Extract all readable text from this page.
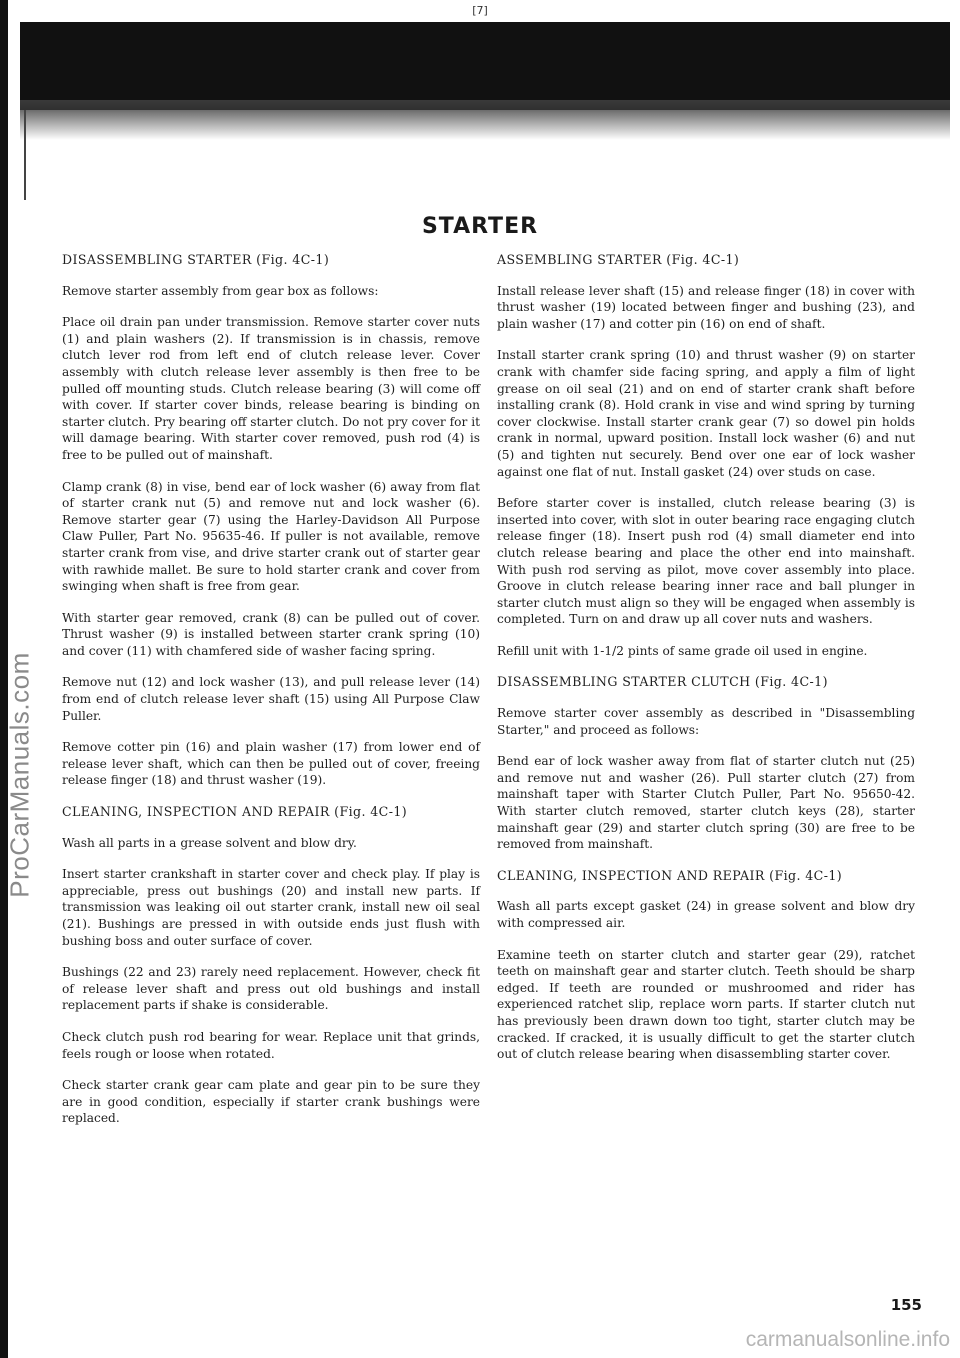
[7]
ProCarManuals.com
STARTER
DISASSEMBLING STARTER (Fig. 4C-1)

Remove starter assembly from gear box as follows:

Place oil drain pan under transmission. Remove starter cover nuts (1) and plain washers (2). If transmission is in chassis, remove clutch lever rod from left end of clutch release lever. Cover assembly with clutch release lever assembly is then free to be pulled off mounting studs. Clutch release bearing (3) will come off with cover. If starter cover binds, release bearing is binding on starter clutch. Pry bearing off starter clutch. Do not pry cover for it will damage bearing. With starter cover removed, push rod (4) is free to be pulled out of mainshaft.

Clamp crank (8) in vise, bend ear of lock washer (6) away from flat of starter crank nut (5) and remove nut and lock washer (6). Remove starter gear (7) using the Harley-Davidson All Purpose Claw Puller, Part No. 95635-46. If puller is not available, remove starter crank from vise, and drive starter crank out of starter gear with rawhide mallet. Be sure to hold starter crank and cover from swinging when shaft is free from gear.

With starter gear removed, crank (8) can be pulled out of cover. Thrust washer (9) is installed between starter crank spring (10) and cover (11) with chamfered side of washer facing spring.

Remove nut (12) and lock washer (13), and pull release lever (14) from end of clutch release lever shaft (15) using All Purpose Claw Puller.

Remove cotter pin (16) and plain washer (17) from lower end of release lever shaft, which can then be pulled out of cover, freeing release finger (18) and thrust washer (19).

CLEANING, INSPECTION AND REPAIR (Fig. 4C-1)

Wash all parts in a grease solvent and blow dry.

Insert starter crankshaft in starter cover and check play. If play is appreciable, press out bushings (20) and install new parts. If transmission was leaking oil out starter crank, install new oil seal (21). Bushings are pressed in with outside ends just flush with bushing boss and outer surface of cover.

Bushings (22 and 23) rarely need replacement. However, check fit of release lever shaft and press out old bushings and install replacement parts if shake is considerable.

Check clutch push rod bearing for wear. Replace unit that grinds, feels rough or loose when rotated.

Check starter crank gear cam plate and gear pin to be sure they are in good condition, especially if starter crank bushings were replaced.

ASSEMBLING STARTER (Fig. 4C-1)

Install release lever shaft (15) and release finger (18) in cover with thrust washer (19) located between finger and bushing (23), and plain washer (17) and cotter pin (16) on end of shaft.

Install starter crank spring (10) and thrust washer (9) on starter crank with chamfer side facing spring, and apply a film of light grease on oil seal (21) and on end of starter crank shaft before installing crank (8). Hold crank in vise and wind spring by turning cover clockwise. Install starter crank gear (7) so dowel pin holds crank in normal, upward position. Install lock washer (6) and nut (5) and tighten nut securely. Bend over one ear of lock washer against one flat of nut. Install gasket (24) over studs on case.

Before starter cover is installed, clutch release bearing (3) is inserted into cover, with slot in outer bearing race engaging clutch release finger (18). Insert push rod (4) small diameter end into clutch release bearing and place the other end into mainshaft. With push rod serving as pilot, move cover assembly into place. Groove in clutch release bearing inner race and ball plunger in starter clutch must align so they will be engaged when assembly is completed. Turn on and draw up all cover nuts and washers.

Refill unit with 1-1/2 pints of same grade oil used in engine.

DISASSEMBLING STARTER CLUTCH (Fig. 4C-1)

Remove starter cover assembly as described in "Disassembling Starter," and proceed as follows:

Bend ear of lock washer away from flat of starter clutch nut (25) and remove nut and washer (26). Pull starter clutch (27) from mainshaft taper with Starter Clutch Puller, Part No. 95650-42. With starter clutch removed, starter clutch keys (28), starter mainshaft gear (29) and starter clutch spring (30) are free to be removed from mainshaft.

CLEANING, INSPECTION AND REPAIR (Fig. 4C-1)

Wash all parts except gasket (24) in grease solvent and blow dry with compressed air.

Examine teeth on starter clutch and starter gear (29), ratchet teeth on mainshaft gear and starter clutch. Teeth should be sharp edged. If teeth are rounded or mushroomed and rider has experienced ratchet slip, replace worn parts. If starter clutch nut has previously been drawn down too tight, starter clutch may be cracked. If cracked, it is usually difficult to get the starter clutch out of clutch release bearing when disassembling starter cover.

155
carmanualsonline.info
